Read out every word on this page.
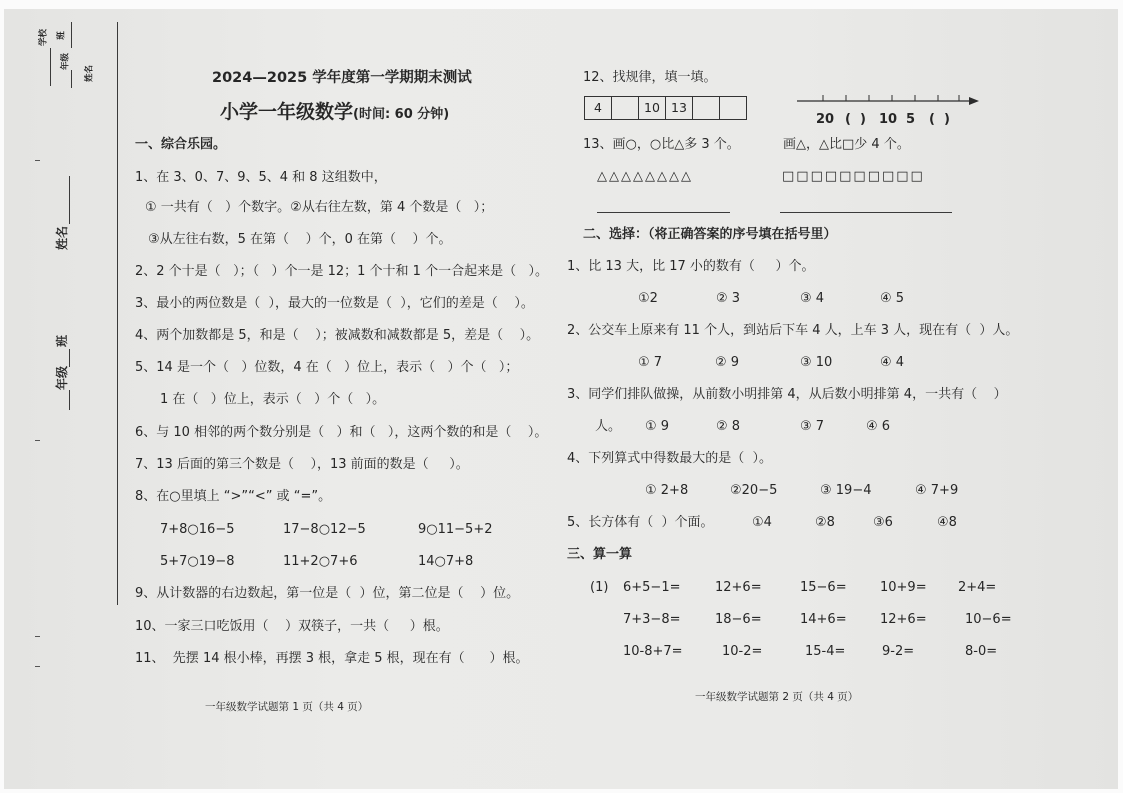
学校 班
年级
姓名
姓名
班
年级
2024—2025 学年度第一学期期末测试
小学一年级数学(时间: 60 分钟)
一、综合乐园。
1、在 3、0、7、9、5、4 和 8 这组数中，
① 一共有（   ）个数字。②从右往左数，第 4 个数是（   ）；
③从左往右数，5 在第（    ）个，0 在第（    ）个。
2、2 个十是（   ）；（   ）个一是 12；1 个十和 1 个一合起来是（   ）。
3、最小的两位数是（  ），最大的一位数是（  ），它们的差是（    ）。
4、两个加数都是 5，和是（    ）；被减数和减数都是 5，差是（    ）。
5、14 是一个（   ）位数，4 在（   ）位上，表示（   ）个（   ）；
1 在（   ）位上，表示（   ）个（   ）。
6、与 10 相邻的两个数分别是（   ）和（   ），这两个数的和是（    ）。
7、13 后面的第三个数是（    ），13 前面的数是（     ）。
8、在○里填上 “>”“<” 或 “=”。
7+8○16−5	17−8○12−5	9○11−5+2
5+7○19−8	11+2○7+6	14○7+8
9、从计数器的右边数起，第一位是（  ）位，第二位是（    ）位。
10、一家三口吃饭用（    ）双筷子，一共（     ）根。
11、  先摆 14 根小棒，再摆 3 根，拿走 5 根，现在有（      ）根。
一年级数学试题第 1 页（共 4 页）
12、找规律，填一填。
4	10 13
20 (  ) 10 5 (  )
13、画○，○比△多 3 个。	画△，△比□少 4 个。
△△△△△△△△	□□□□□□□□□□
二、选择：（将正确答案的序号填在括号里）
1、比 13 大，比 17 小的数有（     ）个。
①2	② 3	③ 4	④ 5
2、公交车上原来有 11 个人，到站后下车 4 人，上车 3 人，现在有（  ）人。
① 7	② 9	③ 10	④ 4
3、同学们排队做操，从前数小明排第 4，从后数小明排第 4，一共有（    ）
人。 ① 9	② 8	③ 7	④ 6
4、下列算式中得数最大的是（  ）。
① 2+8	②20−5	③ 19−4	④ 7+9
5、长方体有（  ）个面。	①4	②8	③6	④8
三、算一算
(1) 6+5−1=	12+6=	15−6=	10+9= 2+4=
7+3−8=	18−6=	14+6=	12+6=	10−6=
10-8+7=	10-2=	15-4=	9-2=	8-0=
一年级数学试题第 2 页（共 4 页）
